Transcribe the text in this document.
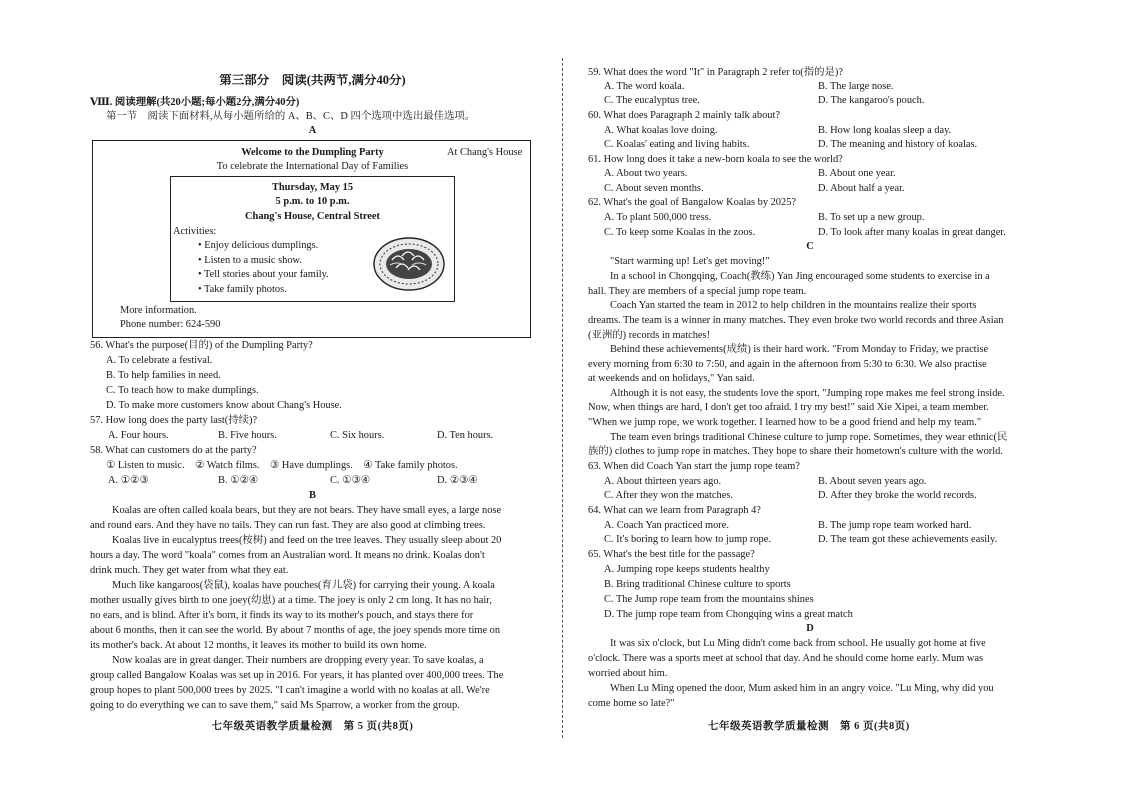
第三部分　阅读(共两节,满分40分)
Ⅷ. 阅读理解(共20小题;每小题2分,满分40分)
第一节　阅读下面材料,从每小题所给的 A、B、C、D 四个选项中选出最佳选项。
A
Welcome to the Dumpling Party	At Chang's House
To celebrate the International Day of Families
Thursday, May 15
5 p.m. to 10 p.m.
Chang's House, Central Street
Activities:
• Enjoy delicious dumplings.
• Listen to a music show.
• Tell stories about your family.
• Take family photos.
More information.
Phone number: 624-590
56. What's the purpose(目的) of the Dumpling Party?
A. To celebrate a festival.
B. To help families in need.
C. To teach how to make dumplings.
D. To make more customers know about Chang's House.
57. How long does the party last(持续)?
A. Four hours.	B. Five hours.	C. Six hours.	D. Ten hours.
58. What can customers do at the party?
① Listen to music.　② Watch films.　③ Have dumplings.　④ Take family photos.
A. ①②③	B. ①②④	C. ①③④	D. ②③④
B
Koalas are often called koala bears, but they are not bears. They have small eyes, a large nose
and round ears. And they have no tails. They can run fast. They are also good at climbing trees.
Koalas live in eucalyptus trees(桉树) and feed on the tree leaves. They usually sleep about 20
hours a day. The word "koala" comes from an Australian word. It means no drink. Koalas don't
drink much. They get water from what they eat.
Much like kangaroos(袋鼠), koalas have pouches(育儿袋) for carrying their young. A koala
mother usually gives birth to one joey(幼崽) at a time. The joey is only 2 cm long. It has no hair,
no ears, and is blind. After it's born, it finds its way to its mother's pouch, and stays there for
about 6 months, then it can see the world. By about 7 months of age, the joey spends more time on
its mother's back. At about 12 months, it leaves its mother to build its own home.
Now koalas are in great danger. Their numbers are dropping every year. To save koalas, a
group called Bangalow Koalas was set up in 2016. For years, it has planted over 400,000 trees. The
group hopes to plant 500,000 trees by 2025. "I can't imagine a world with no koalas at all. We're
going to do everything we can to save them," said Ms Sparrow, a worker from the group.
七年级英语教学质量检测　第 5 页(共8页)
59. What does the word "It" in Paragraph 2 refer to(指的是)?
A. The word koala.	B. The large nose.
C. The eucalyptus tree.	D. The kangaroo's pouch.
60. What does Paragraph 2 mainly talk about?
A. What koalas love doing.	B. How long koalas sleep a day.
C. Koalas' eating and living habits.	D. The meaning and history of koalas.
61. How long does it take a new-born koala to see the world?
A. About two years.	B. About one year.
C. About seven months.	D. About half a year.
62. What's the goal of Bangalow Koalas by 2025?
A. To plant 500,000 tress.	B. To set up a new group.
C. To keep some Koalas in the zoos.	D. To look after many koalas in great danger.
C
"Start warming up! Let's get moving!"
In a school in Chongqing, Coach(教练) Yan Jing encouraged some students to exercise in a
hall. They are members of a special jump rope team.
Coach Yan started the team in 2012 to help children in the mountains realize their sports
dreams. The team is a winner in many matches. They even broke two world records and three Asian
(亚洲的) records in matches!
Behind these achievements(成绩) is their hard work. "From Monday to Friday, we practise
every morning from 6:30 to 7:50, and again in the afternoon from 5:30 to 6:30. We also practise
at weekends and on holidays," Yan said.
Although it is not easy, the students love the sport. "Jumping rope makes me feel strong inside.
Now, when things are hard, I don't get too afraid. I try my best!" said Xie Xipei, a team member.
"When we jump rope, we work together. I learned how to be a good friend and help my team."
The team even brings traditional Chinese culture to jump rope. Sometimes, they wear ethnic(民
族的) clothes to jump rope in matches. They hope to share their hometown's culture with the world.
63. When did Coach Yan start the jump rope team?
A. About thirteen years ago.	B. About seven years ago.
C. After they won the matches.	D. After they broke the world records.
64. What can we learn from Paragraph 4?
A. Coach Yan practiced more.	B. The jump rope team worked hard.
C. It's boring to learn how to jump rope.	D. The team got these achievements easily.
65. What's the best title for the passage?
A. Jumping rope keeps students healthy
B. Bring traditional Chinese culture to sports
C. The Jump rope team from the mountains shines
D. The jump rope team from Chongqing wins a great match
D
It was six o'clock, but Lu Ming didn't come back from school. He usually got home at five
o'clock. There was a sports meet at school that day. And he should come home early. Mum was
worried about him.
When Lu Ming opened the door, Mum asked him in an angry voice. "Lu Ming, why did you
come home so late?"
七年级英语教学质量检测　第 6 页(共8页)
